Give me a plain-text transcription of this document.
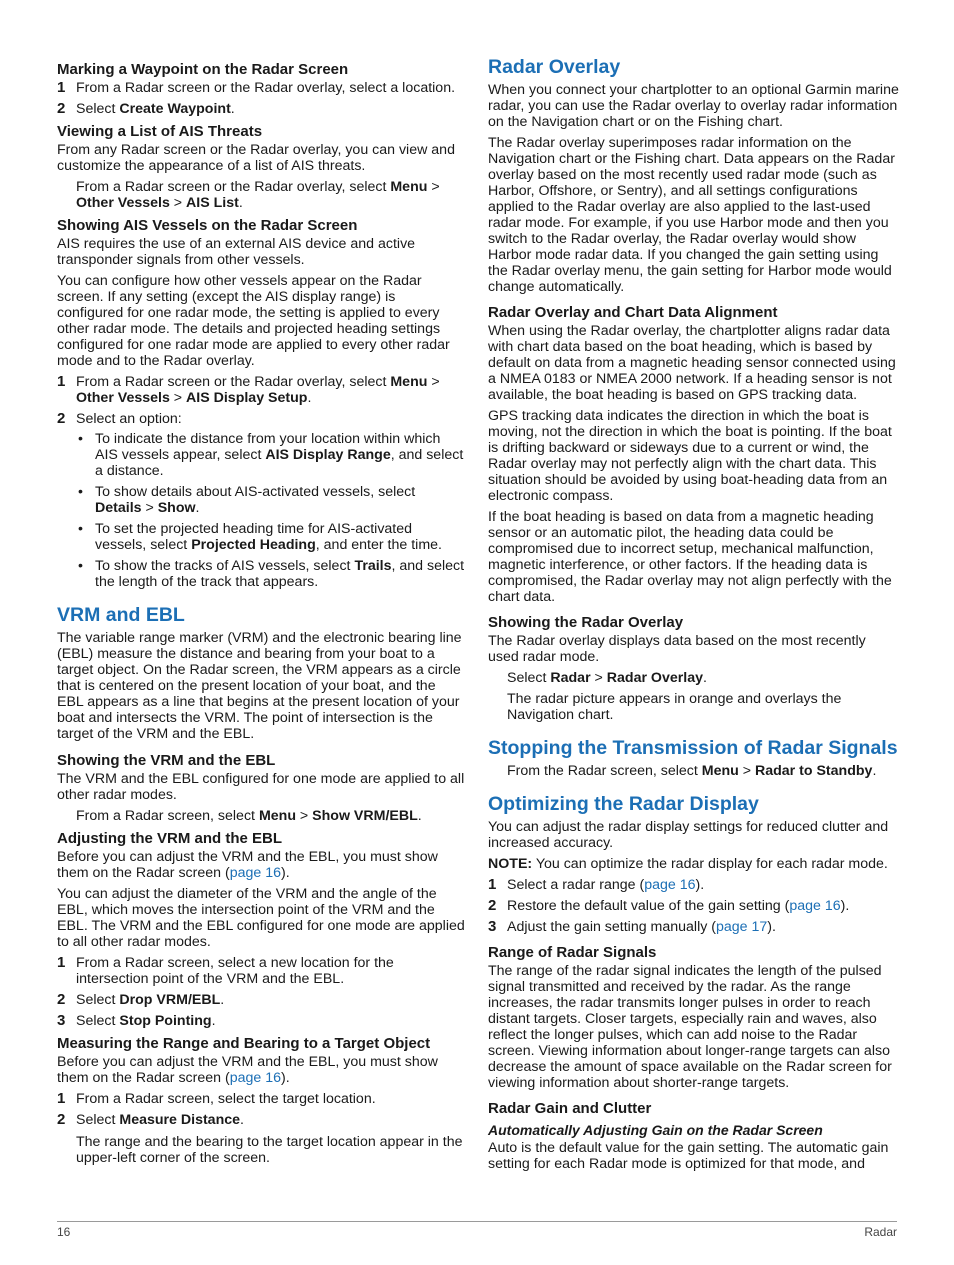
Marking a Waypoint on the Radar Screen
1 From a Radar screen or the Radar overlay, select a location.
2 Select Create Waypoint.
Viewing a List of AIS Threats

From any Radar screen or the Radar overlay, you can view and customize the appearance of a list of AIS threats.

From a Radar screen or the Radar overlay, select Menu > Other Vessels > AIS List.

Showing AIS Vessels on the Radar Screen

AIS requires the use of an external AIS device and active transponder signals from other vessels.

You can configure how other vessels appear on the Radar screen. If any setting (except the AIS display range) is configured for one radar mode, the setting is applied to every other radar mode. The details and projected heading settings configured for one radar mode are applied to every other radar mode and to the Radar overlay.

1 From a Radar screen or the Radar overlay, select Menu > Other Vessels > AIS Display Setup.
2 Select an option:
• To indicate the distance from your location within which AIS vessels appear, select AIS Display Range, and select a distance.
• To show details about AIS-activated vessels, select Details > Show.
• To set the projected heading time for AIS-activated vessels, select Projected Heading, and enter the time.
• To show the tracks of AIS vessels, select Trails, and select the length of the track that appears.
VRM and EBL

The variable range marker (VRM) and the electronic bearing line (EBL) measure the distance and bearing from your boat to a target object. On the Radar screen, the VRM appears as a circle that is centered on the present location of your boat, and the EBL appears as a line that begins at the present location of your boat and intersects the VRM. The point of intersection is the target of the VRM and the EBL.

Showing the VRM and the EBL

The VRM and the EBL configured for one mode are applied to all other radar modes.

From a Radar screen, select Menu > Show VRM/EBL.

Adjusting the VRM and the EBL

Before you can adjust the VRM and the EBL, you must show them on the Radar screen (page 16).

You can adjust the diameter of the VRM and the angle of the EBL, which moves the intersection point of the VRM and the EBL. The VRM and the EBL configured for one mode are applied to all other radar modes.

1 From a Radar screen, select a new location for the intersection point of the VRM and the EBL.
2 Select Drop VRM/EBL.
3 Select Stop Pointing.
Measuring the Range and Bearing to a Target Object

Before you can adjust the VRM and the EBL, you must show them on the Radar screen (page 16).

1 From a Radar screen, select the target location.
2 Select Measure Distance.

The range and the bearing to the target location appear in the upper-left corner of the screen.

Radar Overlay

When you connect your chartplotter to an optional Garmin marine radar, you can use the Radar overlay to overlay radar information on the Navigation chart or on the Fishing chart.

The Radar overlay superimposes radar information on the Navigation chart or the Fishing chart. Data appears on the Radar overlay based on the most recently used radar mode (such as Harbor, Offshore, or Sentry), and all settings configurations applied to the Radar overlay are also applied to the last-used radar mode. For example, if you use Harbor mode and then you switch to the Radar overlay, the Radar overlay would show Harbor mode radar data. If you changed the gain setting using the Radar overlay menu, the gain setting for Harbor mode would change automatically.

Radar Overlay and Chart Data Alignment

When using the Radar overlay, the chartplotter aligns radar data with chart data based on the boat heading, which is based by default on data from a magnetic heading sensor connected using a NMEA 0183 or NMEA 2000 network. If a heading sensor is not available, the boat heading is based on GPS tracking data.

GPS tracking data indicates the direction in which the boat is moving, not the direction in which the boat is pointing. If the boat is drifting backward or sideways due to a current or wind, the Radar overlay may not perfectly align with the chart data. This situation should be avoided by using boat-heading data from an electronic compass.

If the boat heading is based on data from a magnetic heading sensor or an automatic pilot, the heading data could be compromised due to incorrect setup, mechanical malfunction, magnetic interference, or other factors. If the heading data is compromised, the Radar overlay may not align perfectly with the chart data.

Showing the Radar Overlay

The Radar overlay displays data based on the most recently used radar mode.

Select Radar > Radar Overlay.

The radar picture appears in orange and overlays the Navigation chart.

Stopping the Transmission of Radar Signals

From the Radar screen, select Menu > Radar to Standby.

Optimizing the Radar Display

You can adjust the radar display settings for reduced clutter and increased accuracy.

NOTE: You can optimize the radar display for each radar mode.

1 Select a radar range (page 16).
2 Restore the default value of the gain setting (page 16).
3 Adjust the gain setting manually (page 17).
Range of Radar Signals

The range of the radar signal indicates the length of the pulsed signal transmitted and received by the radar. As the range increases, the radar transmits longer pulses in order to reach distant targets. Closer targets, especially rain and waves, also reflect the longer pulses, which can add noise to the Radar screen. Viewing information about longer-range targets can also decrease the amount of space available on the Radar screen for viewing information about shorter-range targets.

Radar Gain and Clutter
Automatically Adjusting Gain on the Radar Screen

Auto is the default value for the gain setting. The automatic gain setting for each Radar mode is optimized for that mode, and

16	Radar
